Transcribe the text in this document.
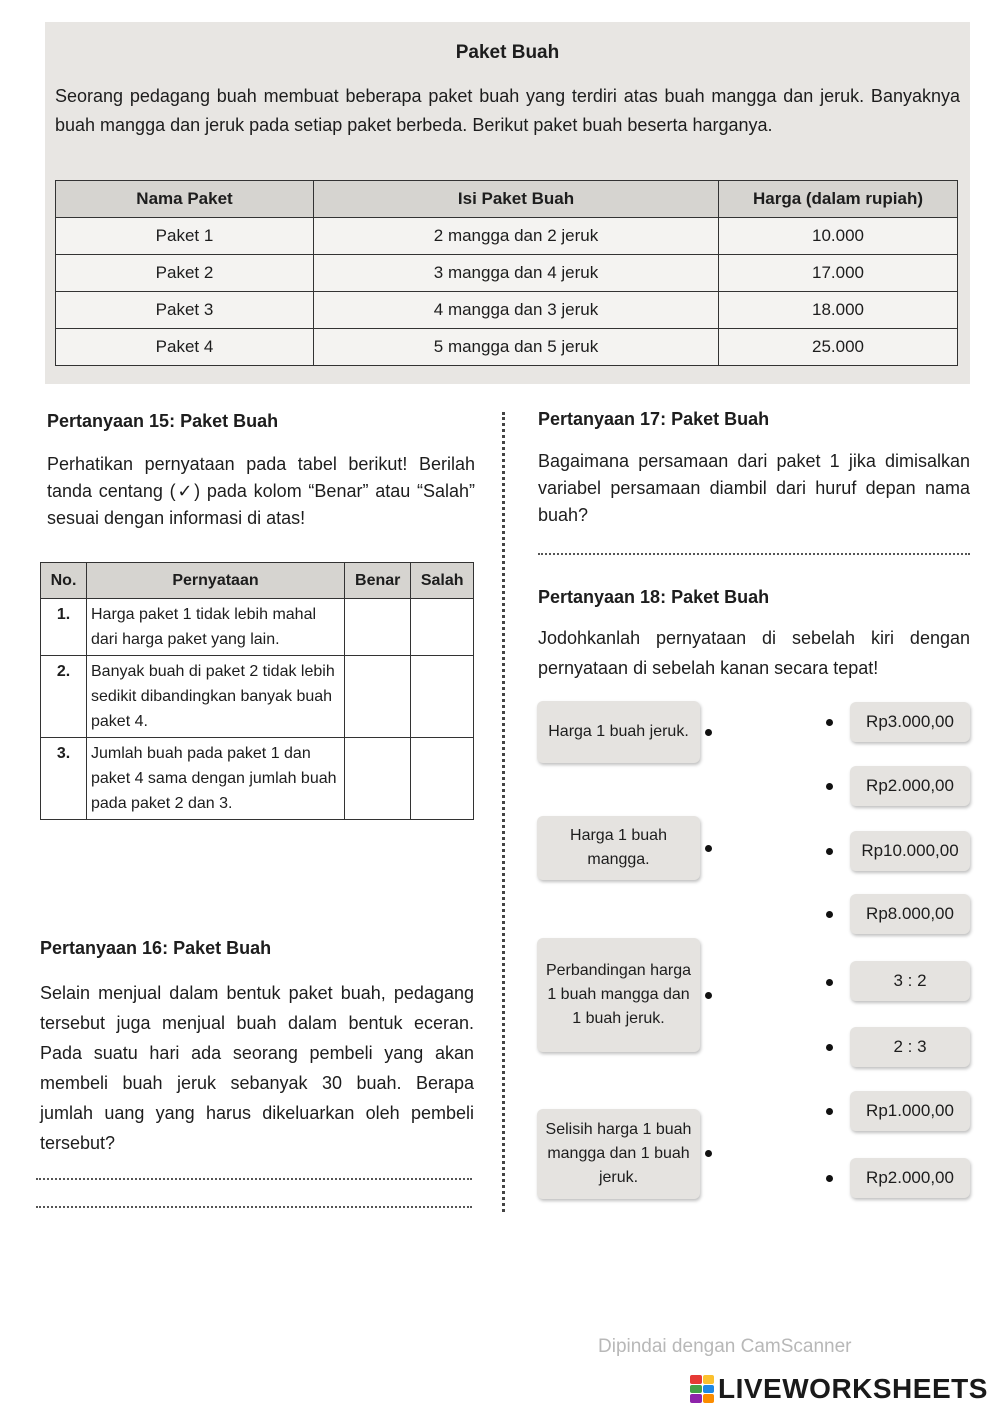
Paket Buah
Seorang pedagang buah membuat beberapa paket buah yang terdiri atas buah mangga dan jeruk. Banyaknya buah mangga dan jeruk pada setiap paket berbeda. Berikut paket buah beserta harganya.
Nama Paket	Isi Paket Buah	Harga (dalam rupiah)
Paket 1	2 mangga dan 2 jeruk	10.000
Paket 2	3 mangga dan 4 jeruk	17.000
Paket 3	4 mangga dan 3 jeruk	18.000
Paket 4	5 mangga dan 5 jeruk	25.000
Pertanyaan 15: Paket Buah
Perhatikan pernyataan pada tabel berikut! Berilah tanda centang (✓) pada kolom “Benar” atau “Salah” sesuai dengan informasi di atas!
No.	Pernyataan	Benar	Salah
1.	Harga paket 1 tidak lebih mahal dari harga paket yang lain.		
2.	Banyak buah di paket 2 tidak lebih sedikit dibandingkan banyak buah paket 4.		
3.	Jumlah buah pada paket 1 dan paket 4 sama dengan jumlah buah pada paket 2 dan 3.		
Pertanyaan 16: Paket Buah
Selain menjual dalam bentuk paket buah, pedagang tersebut juga menjual buah dalam bentuk eceran. Pada suatu hari ada seorang pembeli yang akan membeli buah jeruk sebanyak 30 buah. Berapa jumlah uang yang harus dikeluarkan oleh pembeli tersebut?
Pertanyaan 17: Paket Buah
Bagaimana persamaan dari paket 1 jika dimisalkan variabel persamaan diambil dari huruf depan nama buah?
Pertanyaan 18: Paket Buah
Jodohkanlah pernyataan di sebelah kiri dengan pernyataan di sebelah kanan secara tepat!
Harga 1 buah jeruk.
Harga 1 buah mangga.
Perbandingan harga 1 buah mangga dan 1 buah jeruk.
Selisih harga 1 buah mangga dan 1 buah jeruk.
Rp3.000,00
Rp2.000,00
Rp10.000,00
Rp8.000,00
3 : 2
2 : 3
Rp1.000,00
Rp2.000,00
Dipindai dengan CamScanner
LIVEWORKSHEETS
